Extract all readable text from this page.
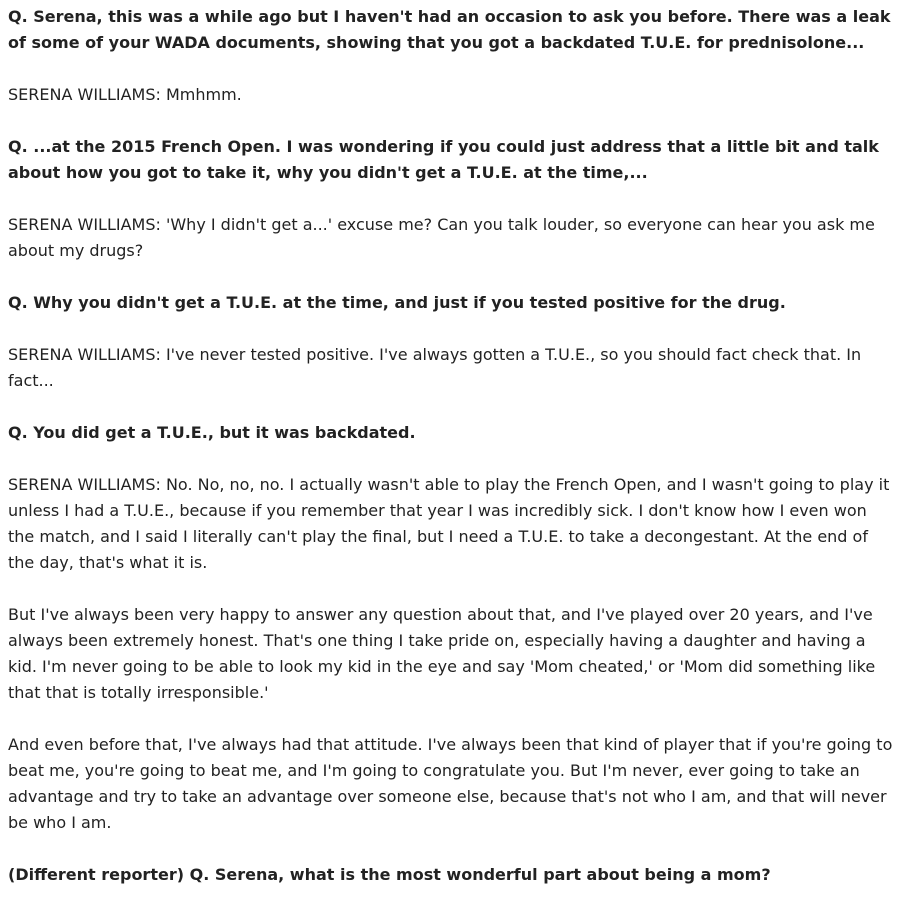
Q. Serena, this was a while ago but I haven't had an occasion to ask you before. There was a leak of some of your WADA documents, showing that you got a backdated T.U.E. for prednisolone...

SERENA WILLIAMS: Mmhmm.

Q. ...at the 2015 French Open. I was wondering if you could just address that a little bit and talk about how you got to take it, why you didn't get a T.U.E. at the time,...

SERENA WILLIAMS: 'Why I didn't get a...' excuse me? Can you talk louder, so everyone can hear you ask me about my drugs?

Q. Why you didn't get a T.U.E. at the time, and just if you tested positive for the drug.

SERENA WILLIAMS: I've never tested positive. I've always gotten a T.U.E., so you should fact check that. In fact...

Q. You did get a T.U.E., but it was backdated.

SERENA WILLIAMS: No. No, no, no. I actually wasn't able to play the French Open, and I wasn't going to play it unless I had a T.U.E., because if you remember that year I was incredibly sick. I don't know how I even won the match, and I said I literally can't play the final, but I need a T.U.E. to take a decongestant. At the end of the day, that's what it is.

But I've always been very happy to answer any question about that, and I've played over 20 years, and I've always been extremely honest. That's one thing I take pride on, especially having a daughter and having a kid. I'm never going to be able to look my kid in the eye and say 'Mom cheated,' or 'Mom did something like that that is totally irresponsible.'

And even before that, I've always had that attitude. I've always been that kind of player that if you're going to beat me, you're going to beat me, and I'm going to congratulate you. But I'm never, ever going to take an advantage and try to take an advantage over someone else, because that's not who I am, and that will never be who I am.

(Different reporter) Q. Serena, what is the most wonderful part about being a mom?
